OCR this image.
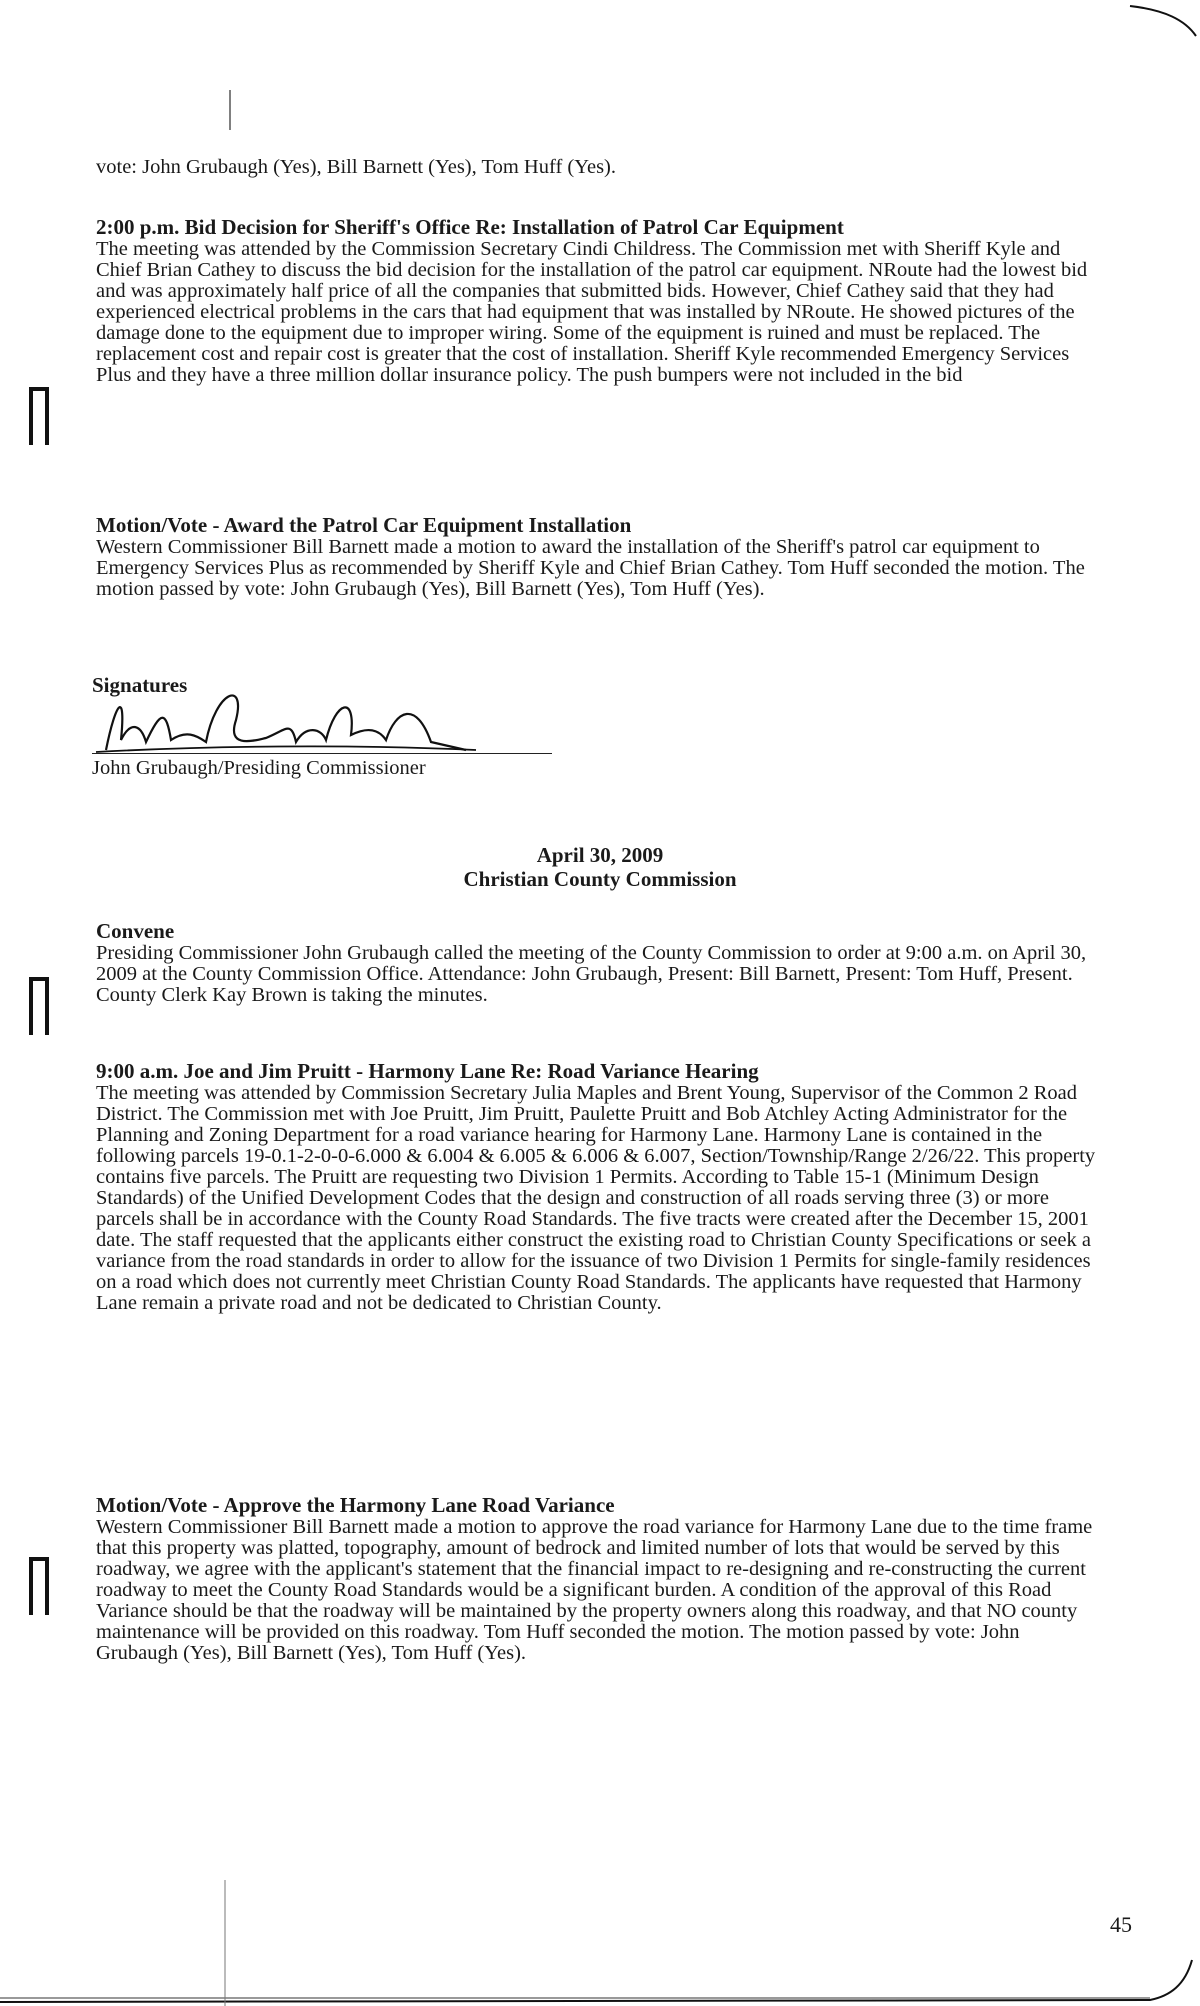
vote: John Grubaugh (Yes), Bill Barnett (Yes), Tom Huff (Yes).
2:00 p.m. Bid Decision for Sheriff's Office Re: Installation of Patrol Car Equipment
The meeting was attended by the Commission Secretary Cindi Childress. The Commission met with Sheriff Kyle and Chief Brian Cathey to discuss the bid decision for the installation of the patrol car equipment. NRoute had the lowest bid and was approximately half price of all the companies that submitted bids. However, Chief Cathey said that they had experienced electrical problems in the cars that had equipment that was installed by NRoute. He showed pictures of the damage done to the equipment due to improper wiring. Some of the equipment is ruined and must be replaced. The replacement cost and repair cost is greater that the cost of installation. Sheriff Kyle recommended Emergency Services Plus and they have a three million dollar insurance policy. The push bumpers were not included in the bid
Motion/Vote - Award the Patrol Car Equipment Installation
Western Commissioner Bill Barnett made a motion to award the installation of the Sheriff's patrol car equipment to Emergency Services Plus as recommended by Sheriff Kyle and Chief Brian Cathey. Tom Huff seconded the motion. The motion passed by vote: John Grubaugh (Yes), Bill Barnett (Yes), Tom Huff (Yes).
Signatures
John Grubaugh/Presiding Commissioner
April 30, 2009
Christian County Commission
Convene
Presiding Commissioner John Grubaugh called the meeting of the County Commission to order at 9:00 a.m. on April 30, 2009 at the County Commission Office. Attendance: John Grubaugh, Present: Bill Barnett, Present: Tom Huff, Present. County Clerk Kay Brown is taking the minutes.
9:00 a.m. Joe and Jim Pruitt - Harmony Lane Re: Road Variance Hearing
The meeting was attended by Commission Secretary Julia Maples and Brent Young, Supervisor of the Common 2 Road District. The Commission met with Joe Pruitt, Jim Pruitt, Paulette Pruitt and Bob Atchley Acting Administrator for the Planning and Zoning Department for a road variance hearing for Harmony Lane. Harmony Lane is contained in the following parcels 19-0.1-2-0-0-6.000 & 6.004 & 6.005 & 6.006 & 6.007, Section/Township/Range 2/26/22. This property contains five parcels. The Pruitt are requesting two Division 1 Permits. According to Table 15-1 (Minimum Design Standards) of the Unified Development Codes that the design and construction of all roads serving three (3) or more parcels shall be in accordance with the County Road Standards. The five tracts were created after the December 15, 2001 date. The staff requested that the applicants either construct the existing road to Christian County Specifications or seek a variance from the road standards in order to allow for the issuance of two Division 1 Permits for single-family residences on a road which does not currently meet Christian County Road Standards. The applicants have requested that Harmony Lane remain a private road and not be dedicated to Christian County.
Motion/Vote - Approve the Harmony Lane Road Variance
Western Commissioner Bill Barnett made a motion to approve the road variance for Harmony Lane due to the time frame that this property was platted, topography, amount of bedrock and limited number of lots that would be served by this roadway, we agree with the applicant's statement that the financial impact to re-designing and re-constructing the current roadway to meet the County Road Standards would be a significant burden. A condition of the approval of this Road Variance should be that the roadway will be maintained by the property owners along this roadway, and that NO county maintenance will be provided on this roadway. Tom Huff seconded the motion. The motion passed by vote: John Grubaugh (Yes), Bill Barnett (Yes), Tom Huff (Yes).
45
